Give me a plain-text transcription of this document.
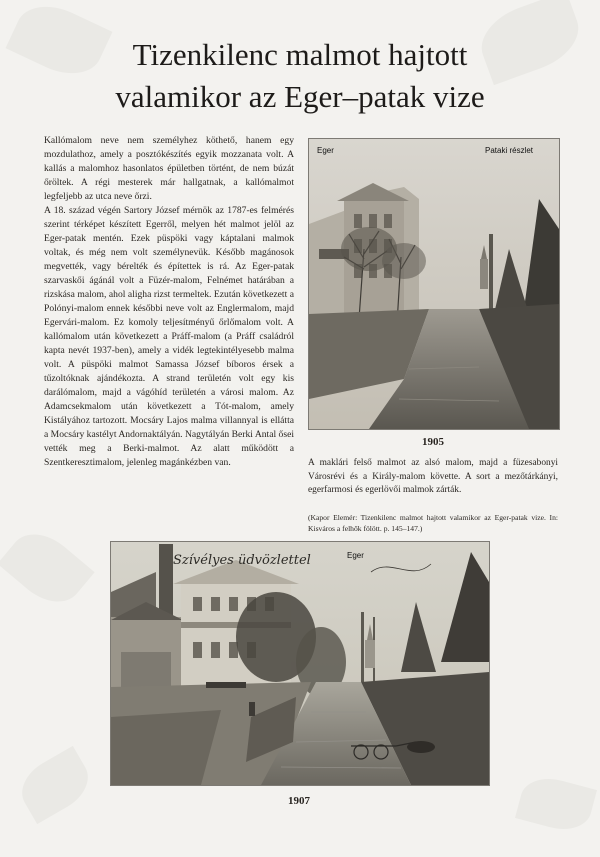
Tizenkilenc malmot hajtott
valamikor az Eger–patak vize

Kallómalom neve nem személyhez köthető, hanem egy mozdulathoz, amely a posztókészítés egyik mozzanata volt. A kallás a malomhoz hasonlatos épületben történt, de nem búzát őröltek. A régi mesterek már hallgatnak, a kallómalmot legfeljebb az utca neve őrzi.

A 18. század végén Sartory József mérnök az 1787-es felmérés szerint térképet készített Egerről, melyen hét malmot jelöl az Eger-patak mentén. Ezek püspöki vagy káptalani malmok voltak, és még nem volt személynevük. Később magánosok megvették, vagy bérelték és építettek is rá. Az Eger-patak szarvaskői ágánál volt a Füzér-malom, Felnémet határában a rizskása malom, ahol aligha rizst termeltek. Ezután következett a Polónyi-malom ennek későbbi neve volt az Englermalom, majd Egervári-malom. Ez komoly teljesítményű őrlőmalom volt. A kallómalom után következett a Práff-malom (a Práff családról kapta nevét 1937-ben), amely a vidék legtekintélyesebb malma volt. A püspöki malmot Samassa József bíboros érsek a tűzoltóknak ajándékozta. A strand területén volt egy kis darálómalom, majd a vágóhíd területén a városi malom. Az Adamcsekmalom után következett a Tót-malom, amely Kistályához tartozott. Mocsáry Lajos malma villannyal is ellátta a Mocsáry kastélyt Andornaktályán. Nagytályán Berki Antal ősei vették meg a Berki-malmot. Az alatt működött a Szentkeresztimalom, jelenleg magánkézben van.

Eger	Pataki részlet
1905
A maklári felső malmot az alsó malom, majd a füzesabonyi Városrévi és a Király-malom követte. A sort a mezőtárkányi, egerfarmosi és egerlövői malmok zárták.
(Kapor Elemér: Tizenkilenc malmot hajtott valamikor az Eger-patak vize. In: Kisváros a felhők fölött. p. 145–147.)
Szívélyes üdvözlettel	Eger
1907
